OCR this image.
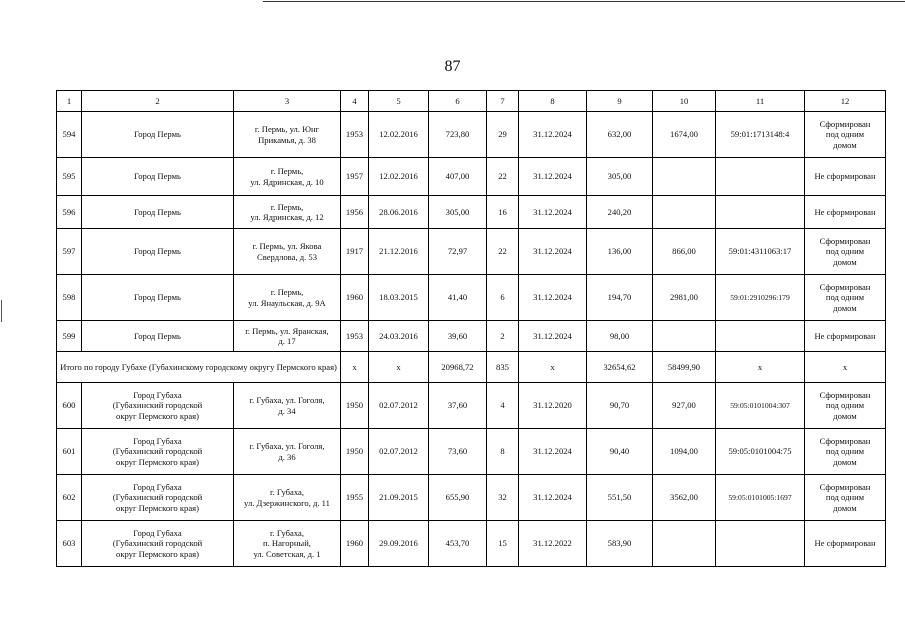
87
1	2	3	4	5	6	7	8	9	10	11	12
594	Город Пермь	г. Пермь, ул. Юнг
Прикамья, д. 38	1953	12.02.2016	723,80	29	31.12.2024	632,00	1674,00	59:01:1713148:4	Сформирован
под одним
домом
595	Город Пермь	г. Пермь,
ул. Ядринская, д. 10	1957	12.02.2016	407,00	22	31.12.2024	305,00			Не сформирован
596	Город Пермь	г. Пермь,
ул. Ядринская, д. 12	1956	28.06.2016	305,00	16	31.12.2024	240,20			Не сформирован
597	Город Пермь	г. Пермь, ул. Якова
Свердлова, д. 53	1917	21.12.2016	72,97	22	31.12.2024	136,00	866,00	59:01:4311063:17	Сформирован
под одним
домом
598	Город Пермь	г. Пермь,
ул. Янаульская, д. 9А	1960	18.03.2015	41,40	6	31.12.2024	194,70	2981,00	59:01:2910296:179	Сформирован
под одним
домом
599	Город Пермь	г. Пермь, ул. Яранская,
д. 17	1953	24.03.2016	39,60	2	31.12.2024	98,00			Не сформирован
Итого по городу Губахе (Губахинскому городскому округу Пермского края)			x	x	20968,72	835	x	32654,62	58499,90	x	x
600	Город Губаха
(Губахинский городской
округ Пермского края)	г. Губаха, ул. Гоголя,
д. 34	1950	02.07.2012	37,60	4	31.12.2020	90,70	927,00	59:05:0101004:307	Сформирован
под одним
домом
601	Город Губаха
(Губахинский городской
округ Пермского края)	г. Губаха, ул. Гоголя,
д. 36	1950	02.07.2012	73,60	8	31.12.2024	90,40	1094,00	59:05:0101004:75	Сформирован
под одним
домом
602	Город Губаха
(Губахинский городской
округ Пермского края)	г. Губаха,
ул. Дзержинского, д. 11	1955	21.09.2015	655,90	32	31.12.2024	551,50	3562,00	59:05:0101005:1697	Сформирован
под одним
домом
603	Город Губаха
(Губахинский городской
округ Пермского края)	г. Губаха,
п. Нагорный,
ул. Советская, д. 1	1960	29.09.2016	453,70	15	31.12.2022	583,90			Не сформирован
